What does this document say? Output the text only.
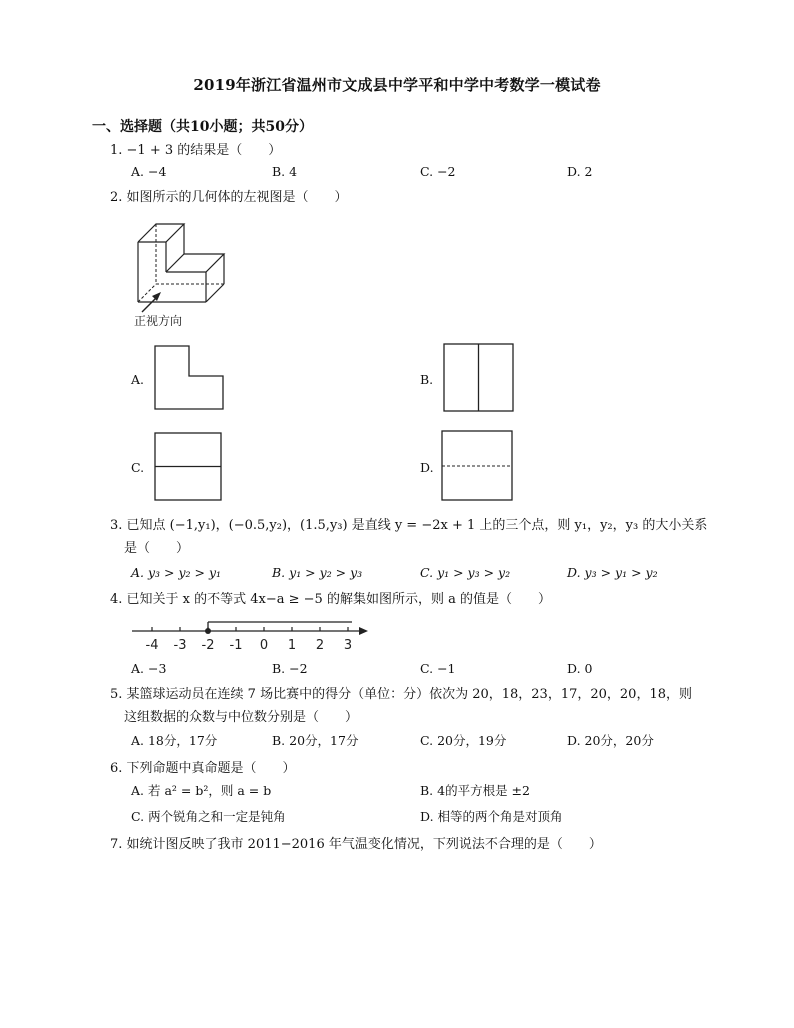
2019年浙江省温州市文成县中学平和中学中考数学一模试卷
一、选择题（共10小题；共50分）
1. −1 + 3 的结果是（　　）
A. −4	B. 4	C. −2	D. 2
2. 如图所示的几何体的左视图是（　　）
正视方向
A.	B.
C.	D.
3. 已知点 (−1,y₁)，(−0.5,y₂)，(1.5,y₃) 是直线 y = −2x + 1 上的三个点，则 y₁，y₂，y₃ 的大小关系
是（　　）
A. y₃ > y₂ > y₁	B. y₁ > y₂ > y₃	C. y₁ > y₃ > y₂	D. y₃ > y₁ > y₂
4. 已知关于 x 的不等式 4x−a ≥ −5 的解集如图所示，则 a 的值是（　　）
-4 -3 -2 -1 0 1 2 3
A. −3	B. −2	C. −1	D. 0
5. 某篮球运动员在连续 7 场比赛中的得分（单位：分）依次为 20，18，23，17，20，20，18，则
这组数据的众数与中位数分别是（　　）
A. 18分，17分	B. 20分，17分	C. 20分，19分	D. 20分，20分
6. 下列命题中真命题是（　　）
A. 若 a² = b²，则 a = b	B. 4的平方根是 ±2
C. 两个锐角之和一定是钝角	D. 相等的两个角是对顶角
7. 如统计图反映了我市 2011−2016 年气温变化情况，下列说法不合理的是（　　）
